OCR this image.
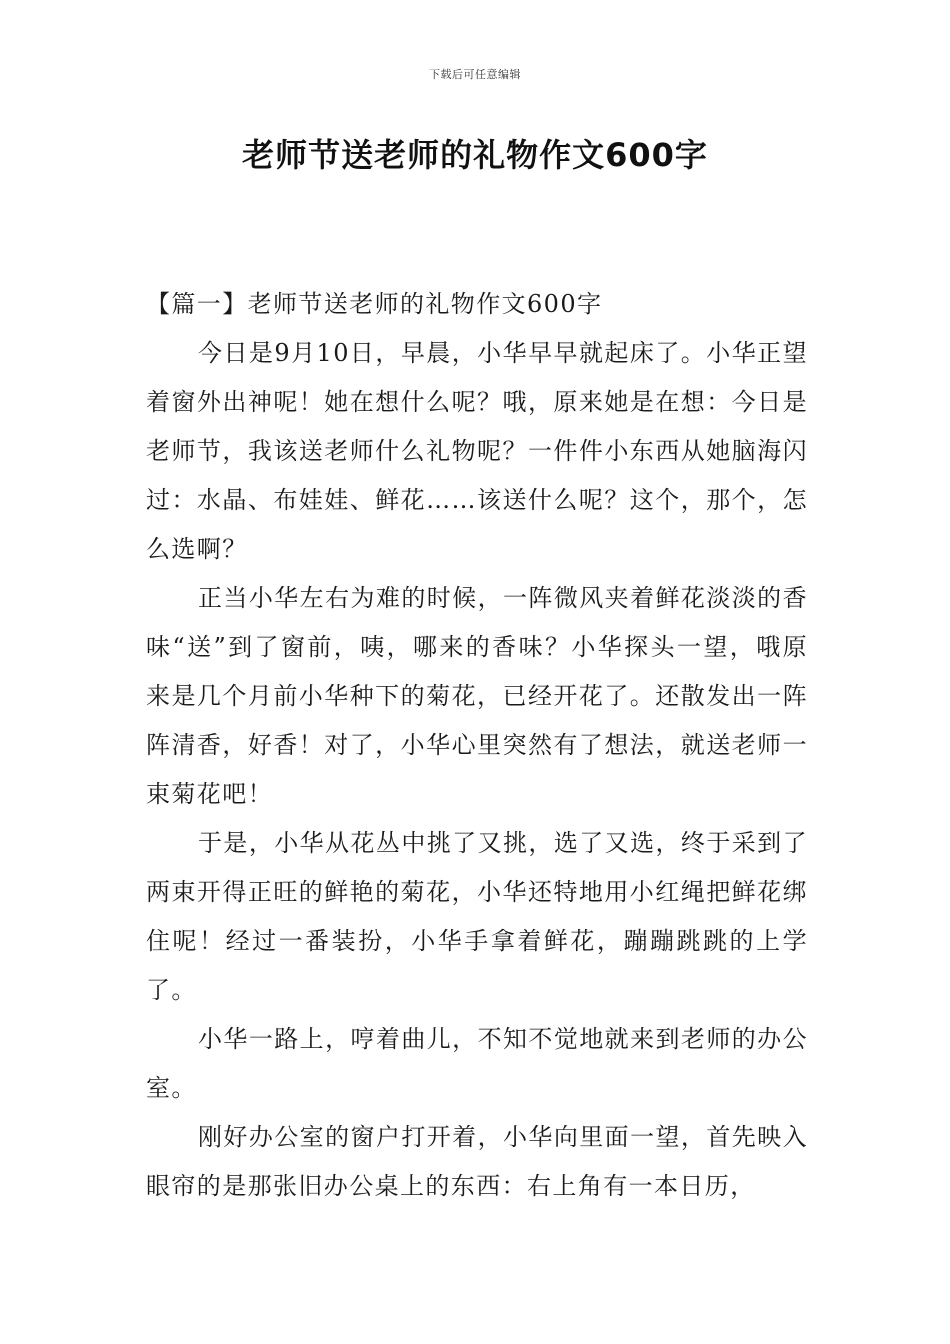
下载后可任意编辑
老师节送老师的礼物作文600字

【篇一】老师节送老师的礼物作文600字

今日是9月10日，早晨，小华早早就起床了。小华正望着窗外出神呢！她在想什么呢？哦，原来她是在想：今日是老师节，我该送老师什么礼物呢？一件件小东西从她脑海闪过：水晶、布娃娃、鲜花……该送什么呢？这个，那个，怎么选啊？

正当小华左右为难的时候，一阵微风夹着鲜花淡淡的香味“送”到了窗前，咦，哪来的香味？小华探头一望，哦原来是几个月前小华种下的菊花，已经开花了。还散发出一阵阵清香，好香！对了，小华心里突然有了想法，就送老师一束菊花吧！

于是，小华从花丛中挑了又挑，选了又选，终于采到了两束开得正旺的鲜艳的菊花，小华还特地用小红绳把鲜花绑住呢！经过一番装扮，小华手拿着鲜花，蹦蹦跳跳的上学了。

小华一路上，哼着曲儿，不知不觉地就来到老师的办公室。

刚好办公室的窗户打开着，小华向里面一望，首先映入眼帘的是那张旧办公桌上的东西：右上角有一本日历，
